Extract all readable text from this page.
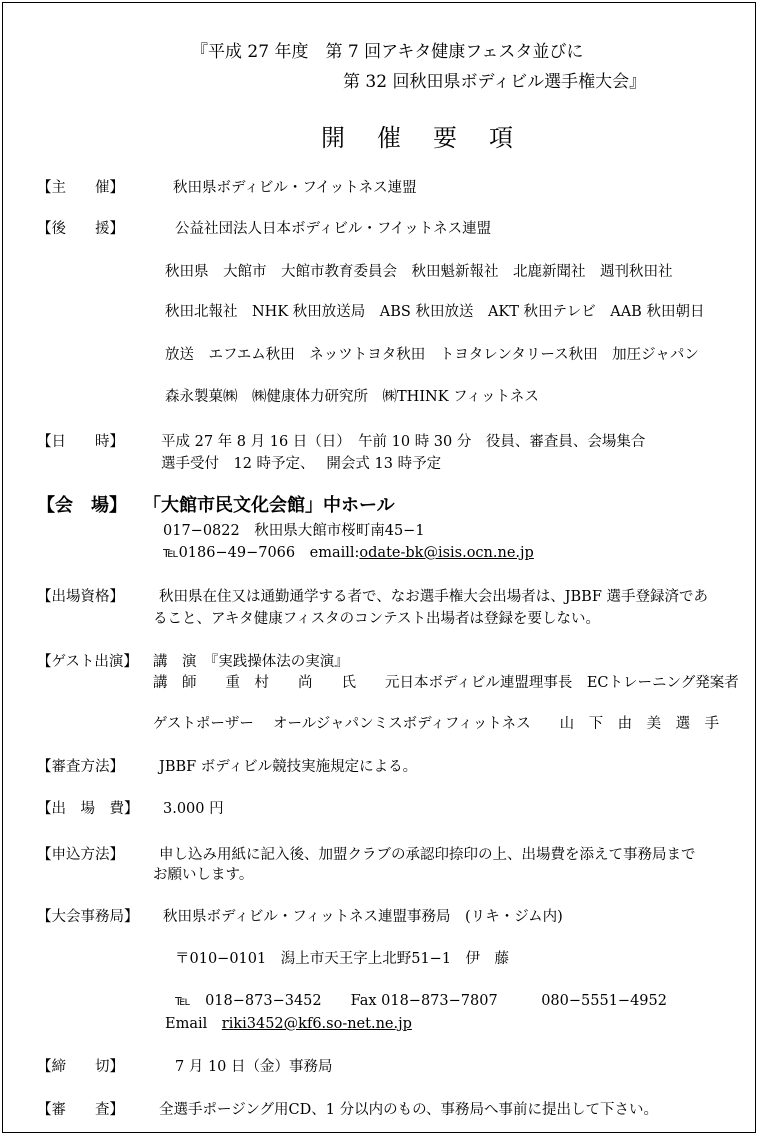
『平成 27 年度　第 7 回アキタ健康フェスタ並びに
第 32 回秋田県ボディビル選手権大会』
開催要項
【主　　催】	秋田県ボディビル・フイットネス連盟
【後　　援】	公益社団法人日本ボディビル・フイットネス連盟
秋田県　大館市　大館市教育委員会　秋田魁新報社　北鹿新聞社　週刊秋田社
秋田北報社　NHK 秋田放送局　ABS 秋田放送　AKT 秋田テレビ　AAB 秋田朝日
放送　エフエム秋田　ネッツトヨタ秋田　トヨタレンタリース秋田　加圧ジャパン
森永製菓㈱　㈱健康体力研究所　㈱THINK フィットネス
【日　　時】	平成 27 年 8 月 16 日（日）　午前 10 時 30 分　役員、審査員、会場集合
選手受付　12 時予定、　 開会式 13 時予定
【会　場】 「大館市民文化会館」中ホール
017−0822　秋田県大館市桜町南45−1
℡0186−49−7066　emaill:odate-bk@isis.ocn.ne.jp
【出場資格】 秋田県在住又は通勤通学する者で、なお選手権大会出場者は、JBBF 選手登録済であ
ること、アキタ健康フィスタのコンテスト出場者は登録を要しない。
【ゲスト出演】 講　演　『実践操体法の実演』
講　師　　重　村　　尚　　氏　　元日本ボディビル連盟理事長　ECトレーニング発案者
ゲストポーザー　 オールジャパンミスボディフィットネス　　山　下　由　美　選　手
【審査方法】 JBBF ボディビル競技実施規定による。
【出　場　費】 3.000 円
【申込方法】 申し込み用紙に記入後、加盟クラブの承認印捺印の上、出場費を添えて事務局まで
お願いします。
【大会事務局】 秋田県ボディビル・フィットネス連盟事務局　(リキ・ジム内)
〒010−0101　潟上市天王字上北野51−1　伊　藤
℡　018−873−3452　　Fax 018−873−7807　　　080−5551−4952
Email　riki3452@kf6.so-net.ne.jp
【締　　切】	7 月 10 日（金）事務局
【審　　査】 全選手ポージング用CD、1 分以内のもの、事務局へ事前に提出して下さい。
